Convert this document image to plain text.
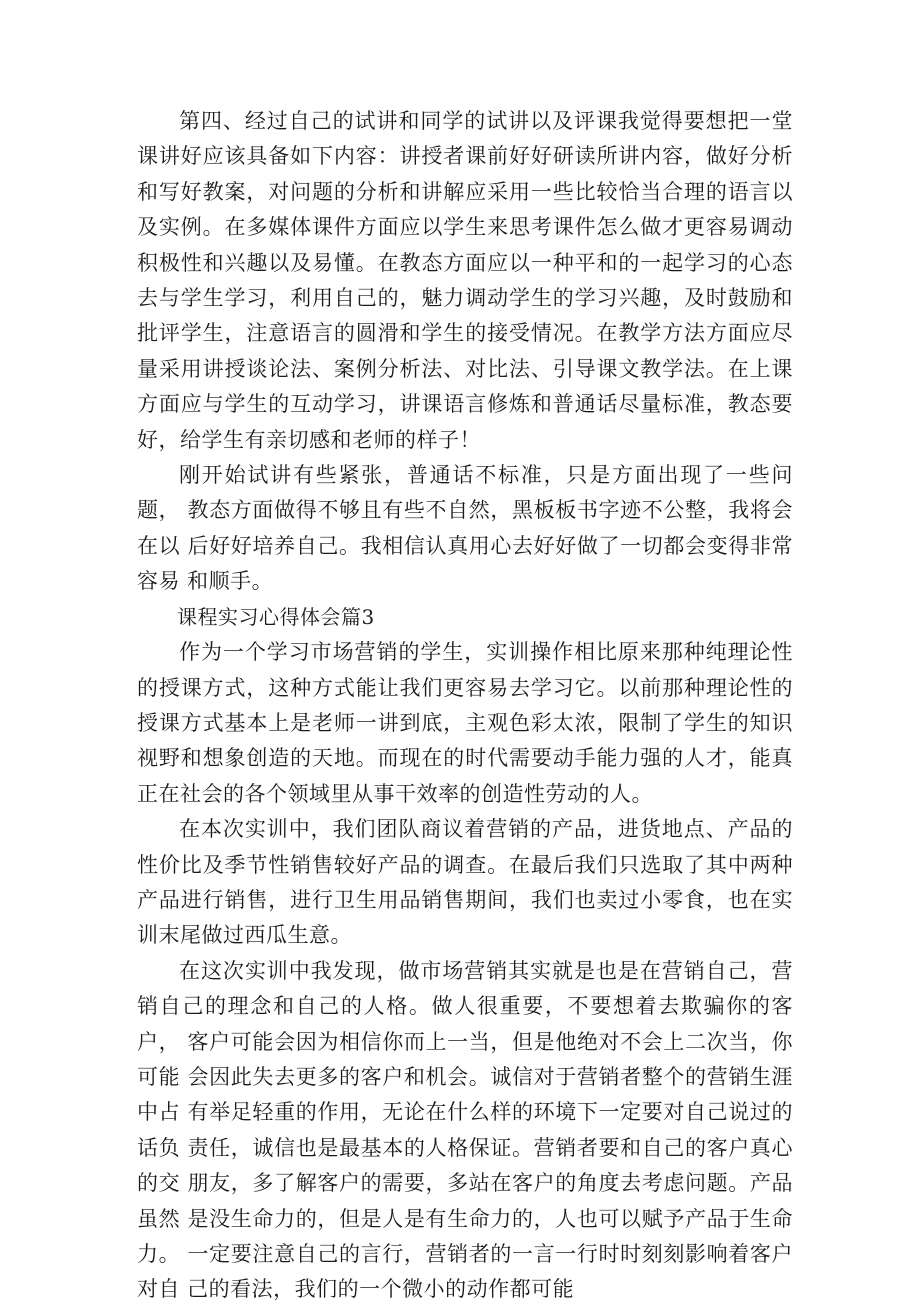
第四、经过自己的试讲和同学的试讲以及评课我觉得要想把一堂 课讲好应该具备如下内容：讲授者课前好好研读所讲内容，做好分析 和写好教案，对问题的分析和讲解应采用一些比较恰当合理的语言以 及实例。在多媒体课件方面应以学生来思考课件怎么做才更容易调动 积极性和兴趣以及易懂。在教态方面应以一种平和的一起学习的心态 去与学生学习，利用自己的，魅力调动学生的学习兴趣，及时鼓励和 批评学生，注意语言的圆滑和学生的接受情况。在教学方法方面应尽 量采用讲授谈论法、案例分析法、对比法、引导课文教学法。在上课 方面应与学生的互动学习，讲课语言修炼和普通话尽量标准，教态要 好，给学生有亲切感和老师的样子！

刚开始试讲有些紧张，普通话不标准，只是方面出现了一些问题， 教态方面做得不够且有些不自然，黑板板书字迹不公整，我将会在以 后好好培养自己。我相信认真用心去好好做了一切都会变得非常容易 和顺手。

课程实习心得体会篇3

作为一个学习市场营销的学生，实训操作相比原来那种纯理论性 的授课方式，这种方式能让我们更容易去学习它。以前那种理论性的 授课方式基本上是老师一讲到底，主观色彩太浓，限制了学生的知识 视野和想象创造的天地。而现在的时代需要动手能力强的人才，能真 正在社会的各个领域里从事干效率的创造性劳动的人。

在本次实训中，我们团队商议着营销的产品，进货地点、产品的 性价比及季节性销售较好产品的调查。在最后我们只选取了其中两种 产品进行销售，进行卫生用品销售期间，我们也卖过小零食，也在实 训末尾做过西瓜生意。

在这次实训中我发现，做市场营销其实就是也是在营销自己，营 销自己的理念和自己的人格。做人很重要，不要想着去欺骗你的客户， 客户可能会因为相信你而上一当，但是他绝对不会上二次当，你可能 会因此失去更多的客户和机会。诚信对于营销者整个的营销生涯中占 有举足轻重的作用，无论在什么样的环境下一定要对自己说过的话负 责任，诚信也是最基本的人格保证。营销者要和自己的客户真心的交 朋友，多了解客户的需要，多站在客户的角度去考虑问题。产品虽然 是没生命力的，但是人是有生命力的，人也可以赋予产品于生命力。 一定要注意自己的言行，营销者的一言一行时时刻刻影响着客户对自 己的看法，我们的一个微小的动作都可能
